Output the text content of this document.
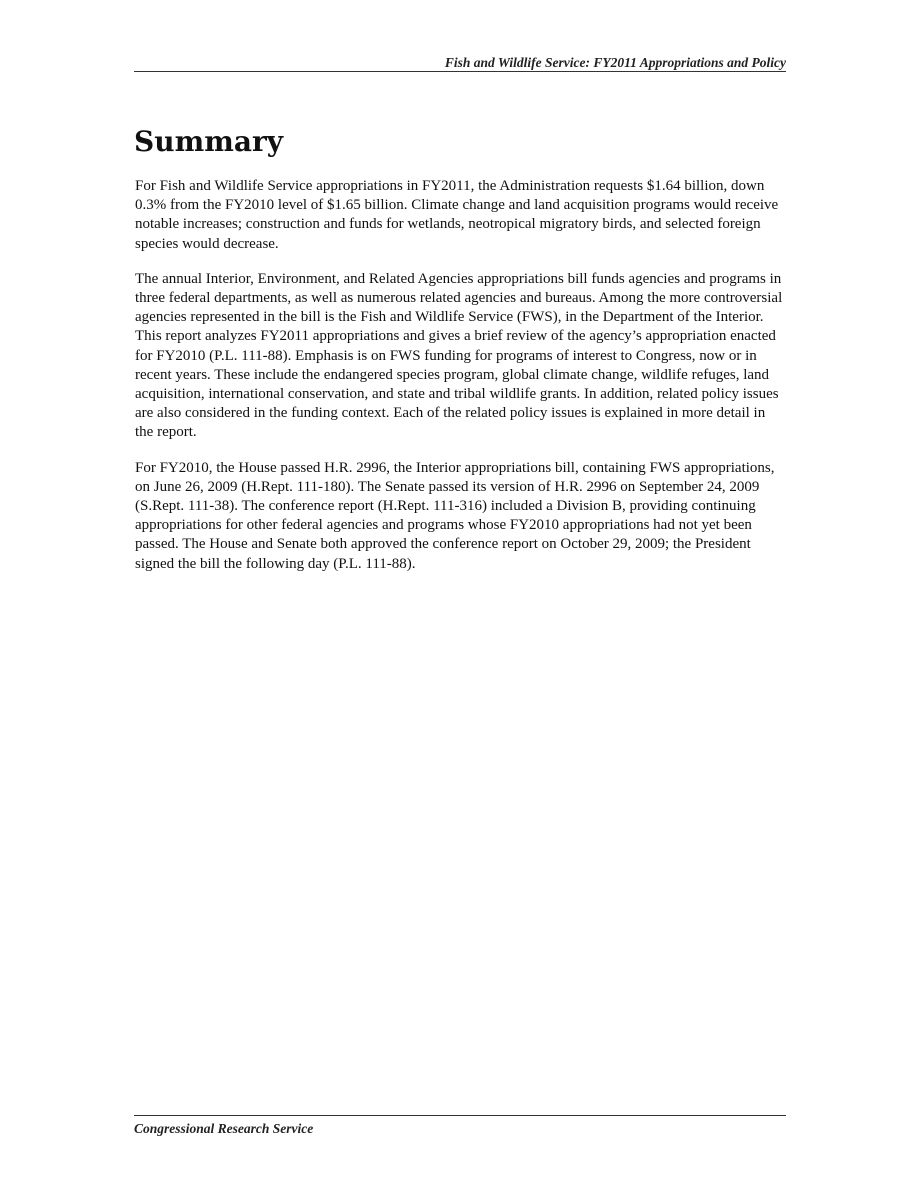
Fish and Wildlife Service: FY2011 Appropriations and Policy
Summary

For Fish and Wildlife Service appropriations in FY2011, the Administration requests $1.64 billion, down 0.3% from the FY2010 level of $1.65 billion. Climate change and land acquisition programs would receive notable increases; construction and funds for wetlands, neotropical migratory birds, and selected foreign species would decrease.

The annual Interior, Environment, and Related Agencies appropriations bill funds agencies and programs in three federal departments, as well as numerous related agencies and bureaus. Among the more controversial agencies represented in the bill is the Fish and Wildlife Service (FWS), in the Department of the Interior. This report analyzes FY2011 appropriations and gives a brief review of the agency’s appropriation enacted for FY2010 (P.L. 111-88). Emphasis is on FWS funding for programs of interest to Congress, now or in recent years. These include the endangered species program, global climate change, wildlife refuges, land acquisition, international conservation, and state and tribal wildlife grants. In addition, related policy issues are also considered in the funding context. Each of the related policy issues is explained in more detail in the report.

For FY2010, the House passed H.R. 2996, the Interior appropriations bill, containing FWS appropriations, on June 26, 2009 (H.Rept. 111-180). The Senate passed its version of H.R. 2996 on September 24, 2009 (S.Rept. 111-38). The conference report (H.Rept. 111-316) included a Division B, providing continuing appropriations for other federal agencies and programs whose FY2010 appropriations had not yet been passed. The House and Senate both approved the conference report on October 29, 2009; the President signed the bill the following day (P.L. 111-88).

Congressional Research Service
